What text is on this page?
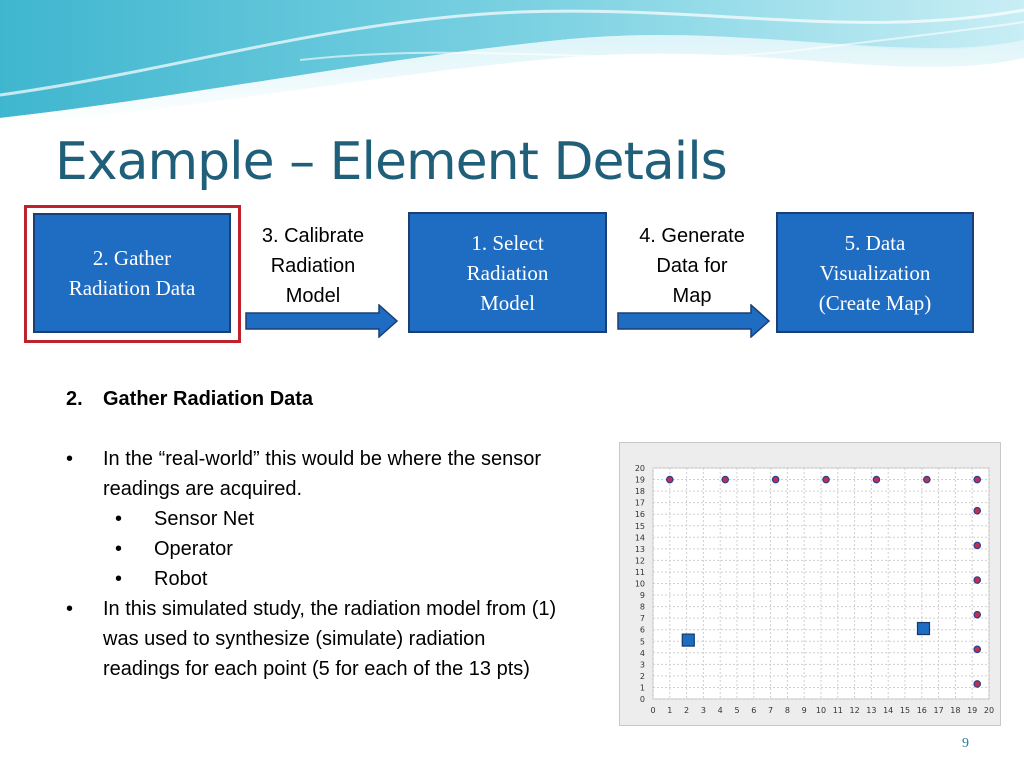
Example – Element Details
2. Gather
Radiation Data
3. Calibrate
Radiation
Model
1. Select
Radiation
Model
4. Generate
Data for
Map
5. Data
Visualization
(Create Map)
2.	Gather Radiation Data
• In the “real-world” this would be where the sensor readings are acquired.
• Sensor Net
• Operator
• Robot
• In this simulated study, the radiation model from (1) was used to synthesize (simulate) radiation readings for each point (5 for each of the 13 pts)
0 1 2 3 4 5 6 7 8 9 10 11 12 13 14 15 16 17 18 19 20
0
1
2
3
4
5
6
7
8
9
10
11
12
13
14
15
16
17
18
19
20
9
